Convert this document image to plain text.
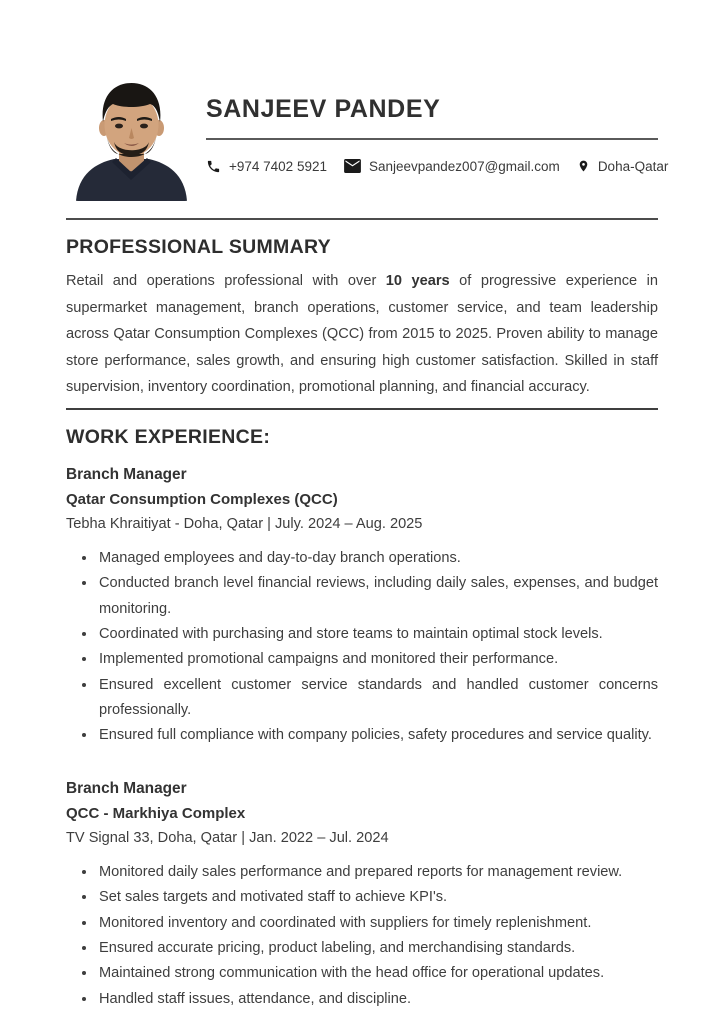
SANJEEV PANDEY
+974 7402 5921	Sanjeevpandez007@gmail.com	Doha-Qatar
PROFESSIONAL SUMMARY

Retail and operations professional with over 10 years of progressive experience in supermarket management, branch operations, customer service, and team leadership across Qatar Consumption Complexes (QCC) from 2015 to 2025. Proven ability to manage store performance, sales growth, and ensuring high customer satisfaction. Skilled in staff supervision, inventory coordination, promotional planning, and financial accuracy.

WORK EXPERIENCE:
Branch Manager
Qatar Consumption Complexes (QCC)
Tebha Khraitiyat - Doha, Qatar | July. 2024 – Aug. 2025
• Managed employees and day-to-day branch operations.
• Conducted branch level financial reviews, including daily sales, expenses, and budget monitoring.
• Coordinated with purchasing and store teams to maintain optimal stock levels.
• Implemented promotional campaigns and monitored their performance.
• Ensured excellent customer service standards and handled customer concerns professionally.
• Ensured full compliance with company policies, safety procedures and service quality.
Branch Manager
QCC - Markhiya Complex
TV Signal 33, Doha, Qatar | Jan. 2022 – Jul. 2024
• Monitored daily sales performance and prepared reports for management review.
• Set sales targets and motivated staff to achieve KPI's.
• Monitored inventory and coordinated with suppliers for timely replenishment.
• Ensured accurate pricing, product labeling, and merchandising standards.
• Maintained strong communication with the head office for operational updates.
• Handled staff issues, attendance, and discipline.
